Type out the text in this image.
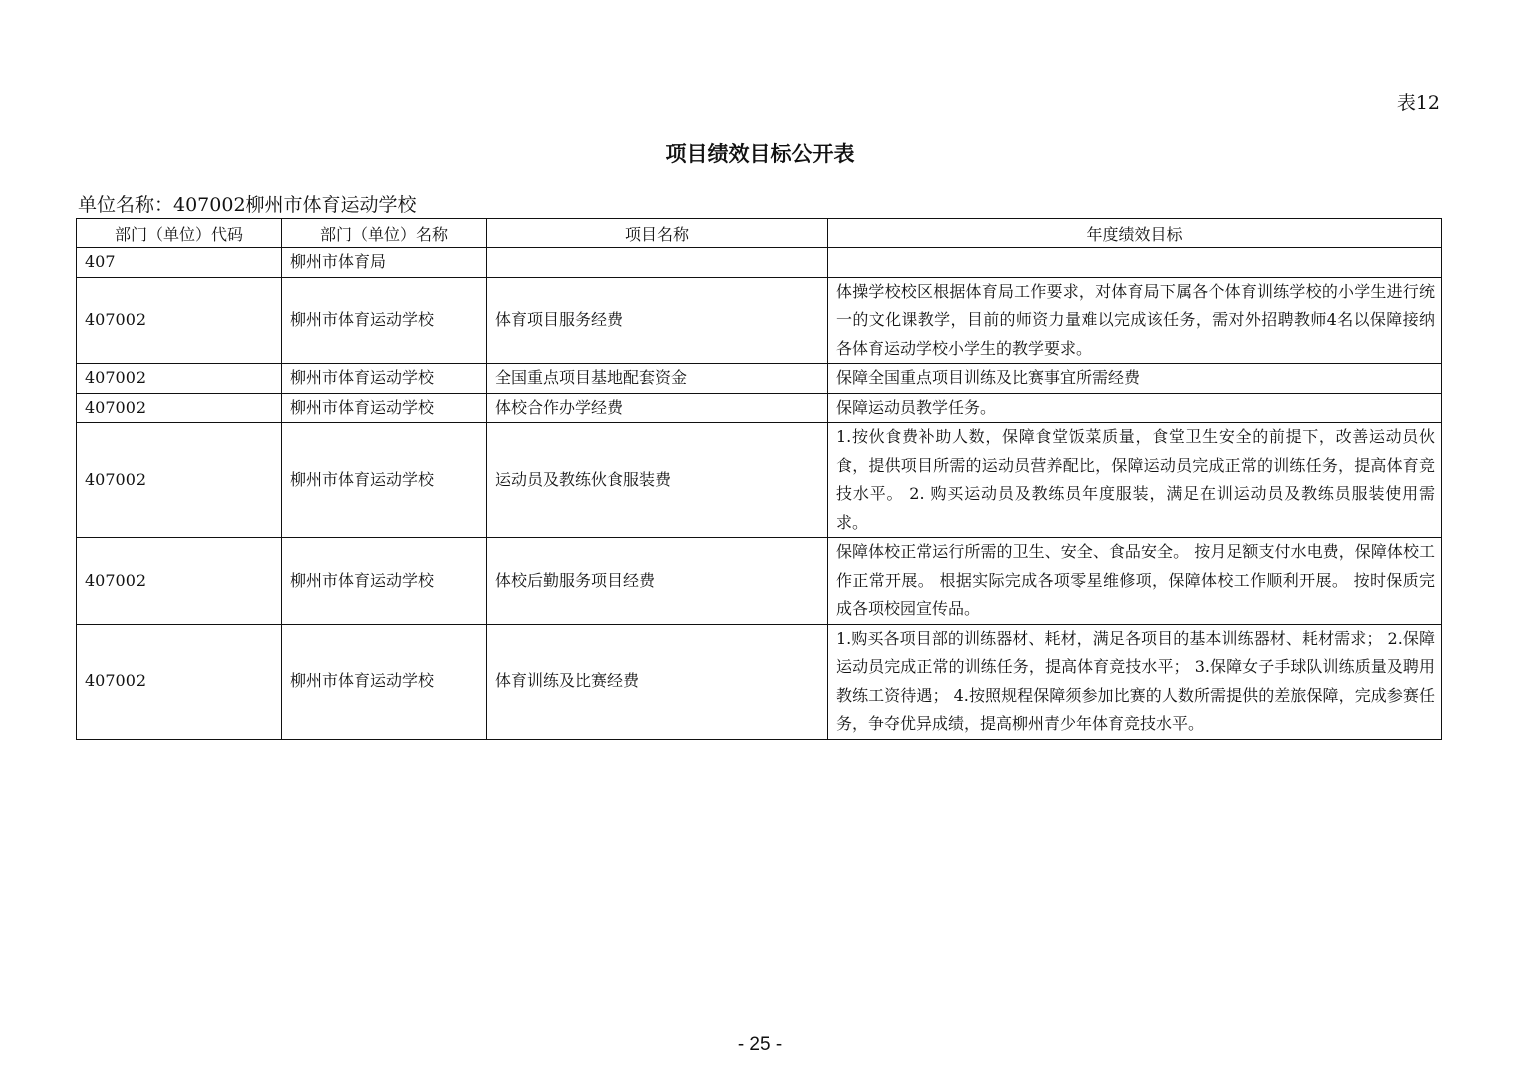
表12
项目绩效目标公开表
单位名称：407002柳州市体育运动学校
部门（单位）代码	部门（单位）名称	项目名称	年度绩效目标
407	柳州市体育局		
407002	柳州市体育运动学校	体育项目服务经费	体操学校校区根据体育局工作要求，对体育局下属各个体育训练学校的小学生进行统一的文化课教学，目前的师资力量难以完成该任务，需对外招聘教师4名以保障接纳各体育运动学校小学生的教学要求。
407002	柳州市体育运动学校	全国重点项目基地配套资金	保障全国重点项目训练及比赛事宜所需经费
407002	柳州市体育运动学校	体校合作办学经费	保障运动员教学任务。
407002	柳州市体育运动学校	运动员及教练伙食服装费	1.按伙食费补助人数，保障食堂饭菜质量，食堂卫生安全的前提下，改善运动员伙食，提供项目所需的运动员营养配比，保障运动员完成正常的训练任务，提高体育竞技水平。 2. 购买运动员及教练员年度服装，满足在训运动员及教练员服装使用需求。
407002	柳州市体育运动学校	体校后勤服务项目经费	保障体校正常运行所需的卫生、安全、食品安全。 按月足额支付水电费，保障体校工作正常开展。 根据实际完成各项零星维修项，保障体校工作顺利开展。 按时保质完成各项校园宣传品。
407002	柳州市体育运动学校	体育训练及比赛经费	1.购买各项目部的训练器材、耗材，满足各项目的基本训练器材、耗材需求； 2.保障运动员完成正常的训练任务，提高体育竞技水平； 3.保障女子手球队训练质量及聘用教练工资待遇； 4.按照规程保障须参加比赛的人数所需提供的差旅保障，完成参赛任务，争夺优异成绩，提高柳州青少年体育竞技水平。
- 25 -
